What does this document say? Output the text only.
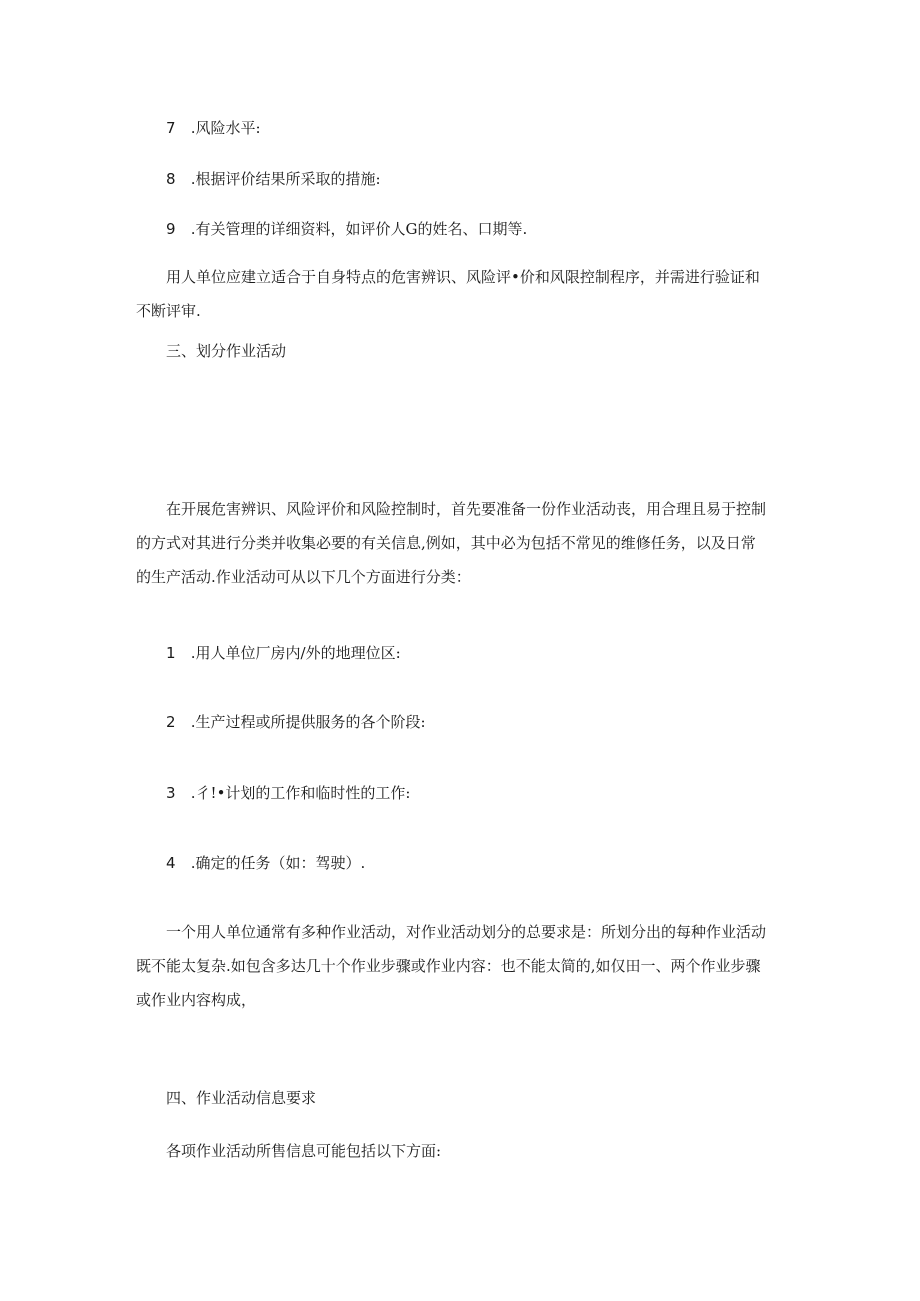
7 .风险水平:
8 .根据评价结果所采取的措施:
9 .有关管理的详细资料，如评价人G的姓名、口期等.

用人单位应建立适合于自身特点的危害辨识、风险评•价和风限控制程序，并需进行验证和

不断评审.

三、划分作业活动

在开展危害辨识、风险评价和风险控制时，首先要准备一份作业活动丧，用合理且易于控制

的方式对其进行分类并收集必要的有关信息,例如，其中必为包括不常见的维修任务，以及日常

的生产活动.作业活动可从以下几个方面进行分类：

1 .用人单位厂房内/外的地理位区:
2 .生产过程或所提供服务的各个阶段:
3 .彳!•计划的工作和临时性的工作:
4 .确定的任务（如：驾驶）.

一个用人单位通常有多种作业活动，对作业活动划分的总要求是：所划分出的每种作业活动

既不能太复杂.如包含多达几十个作业步骤或作业内容：也不能太简的,如仅田一、两个作业步骤

或作业内容构成，

四、作业活动信息要求
各项作业活动所售信息可能包括以下方面:
